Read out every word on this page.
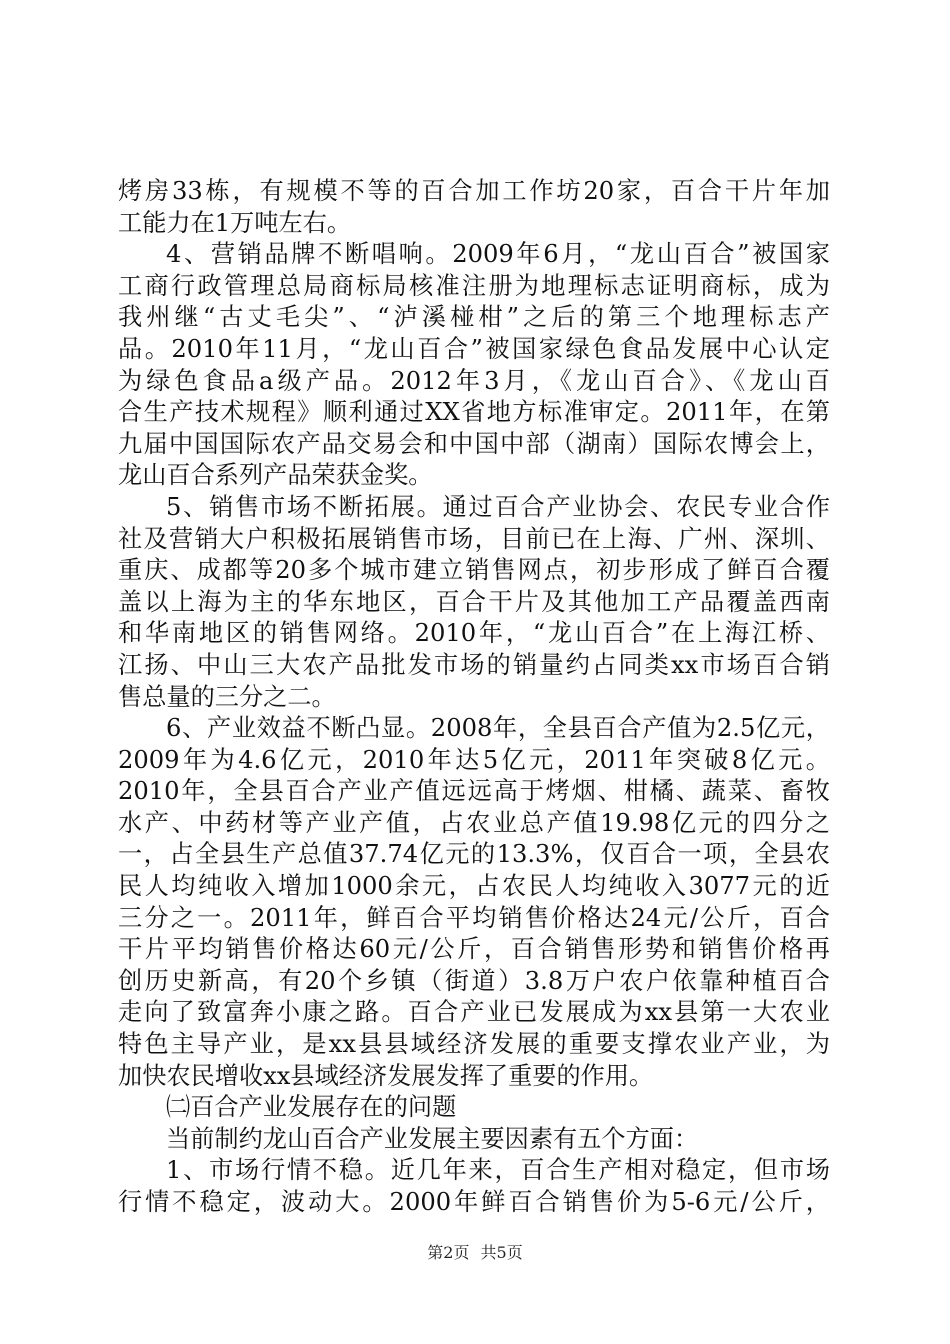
烤房33栋，有规模不等的百合加工作坊20家，百合干片年加
工能力在1万吨左右。
4、营销品牌不断唱响。2009年6月，“龙山百合”被国家
工商行政管理总局商标局核准注册为地理标志证明商标，成为
我州继“古丈毛尖”、“泸溪椪柑”之后的第三个地理标志产
品。2010年11月，“龙山百合”被国家绿色食品发展中心认定
为绿色食品a级产品。2012年3月，《龙山百合》、《龙山百
合生产技术规程》顺利通过XX省地方标准审定。2011年，在第
九届中国国际农产品交易会和中国中部（湖南）国际农博会上，
龙山百合系列产品荣获金奖。
5、销售市场不断拓展。通过百合产业协会、农民专业合作
社及营销大户积极拓展销售市场，目前已在上海、广州、深圳、
重庆、成都等20多个城市建立销售网点，初步形成了鲜百合覆
盖以上海为主的华东地区，百合干片及其他加工产品覆盖西南
和华南地区的销售网络。2010年，“龙山百合”在上海江桥、
江扬、中山三大农产品批发市场的销量约占同类xx市场百合销
售总量的三分之二。
6、产业效益不断凸显。2008年，全县百合产值为2.5亿元，
2009年为4.6亿元，2010年达5亿元，2011年突破8亿元。
2010年，全县百合产业产值远远高于烤烟、柑橘、蔬菜、畜牧
水产、中药材等产业产值，占农业总产值19.98亿元的四分之
一，占全县生产总值37.74亿元的13.3%，仅百合一项，全县农
民人均纯收入增加1000余元，占农民人均纯收入3077元的近
三分之一。2011年，鲜百合平均销售价格达24元/公斤，百合
干片平均销售价格达60元/公斤，百合销售形势和销售价格再
创历史新高，有20个乡镇（街道）3.8万户农户依靠种植百合
走向了致富奔小康之路。百合产业已发展成为xx县第一大农业
特色主导产业，是xx县县域经济发展的重要支撑农业产业，为
加快农民增收xx县域经济发展发挥了重要的作用。
㈡百合产业发展存在的问题
当前制约龙山百合产业发展主要因素有五个方面：
1、市场行情不稳。近几年来，百合生产相对稳定，但市场
行情不稳定，波动大。2000年鲜百合销售价为5-6元/公斤，
第2页 共5页
